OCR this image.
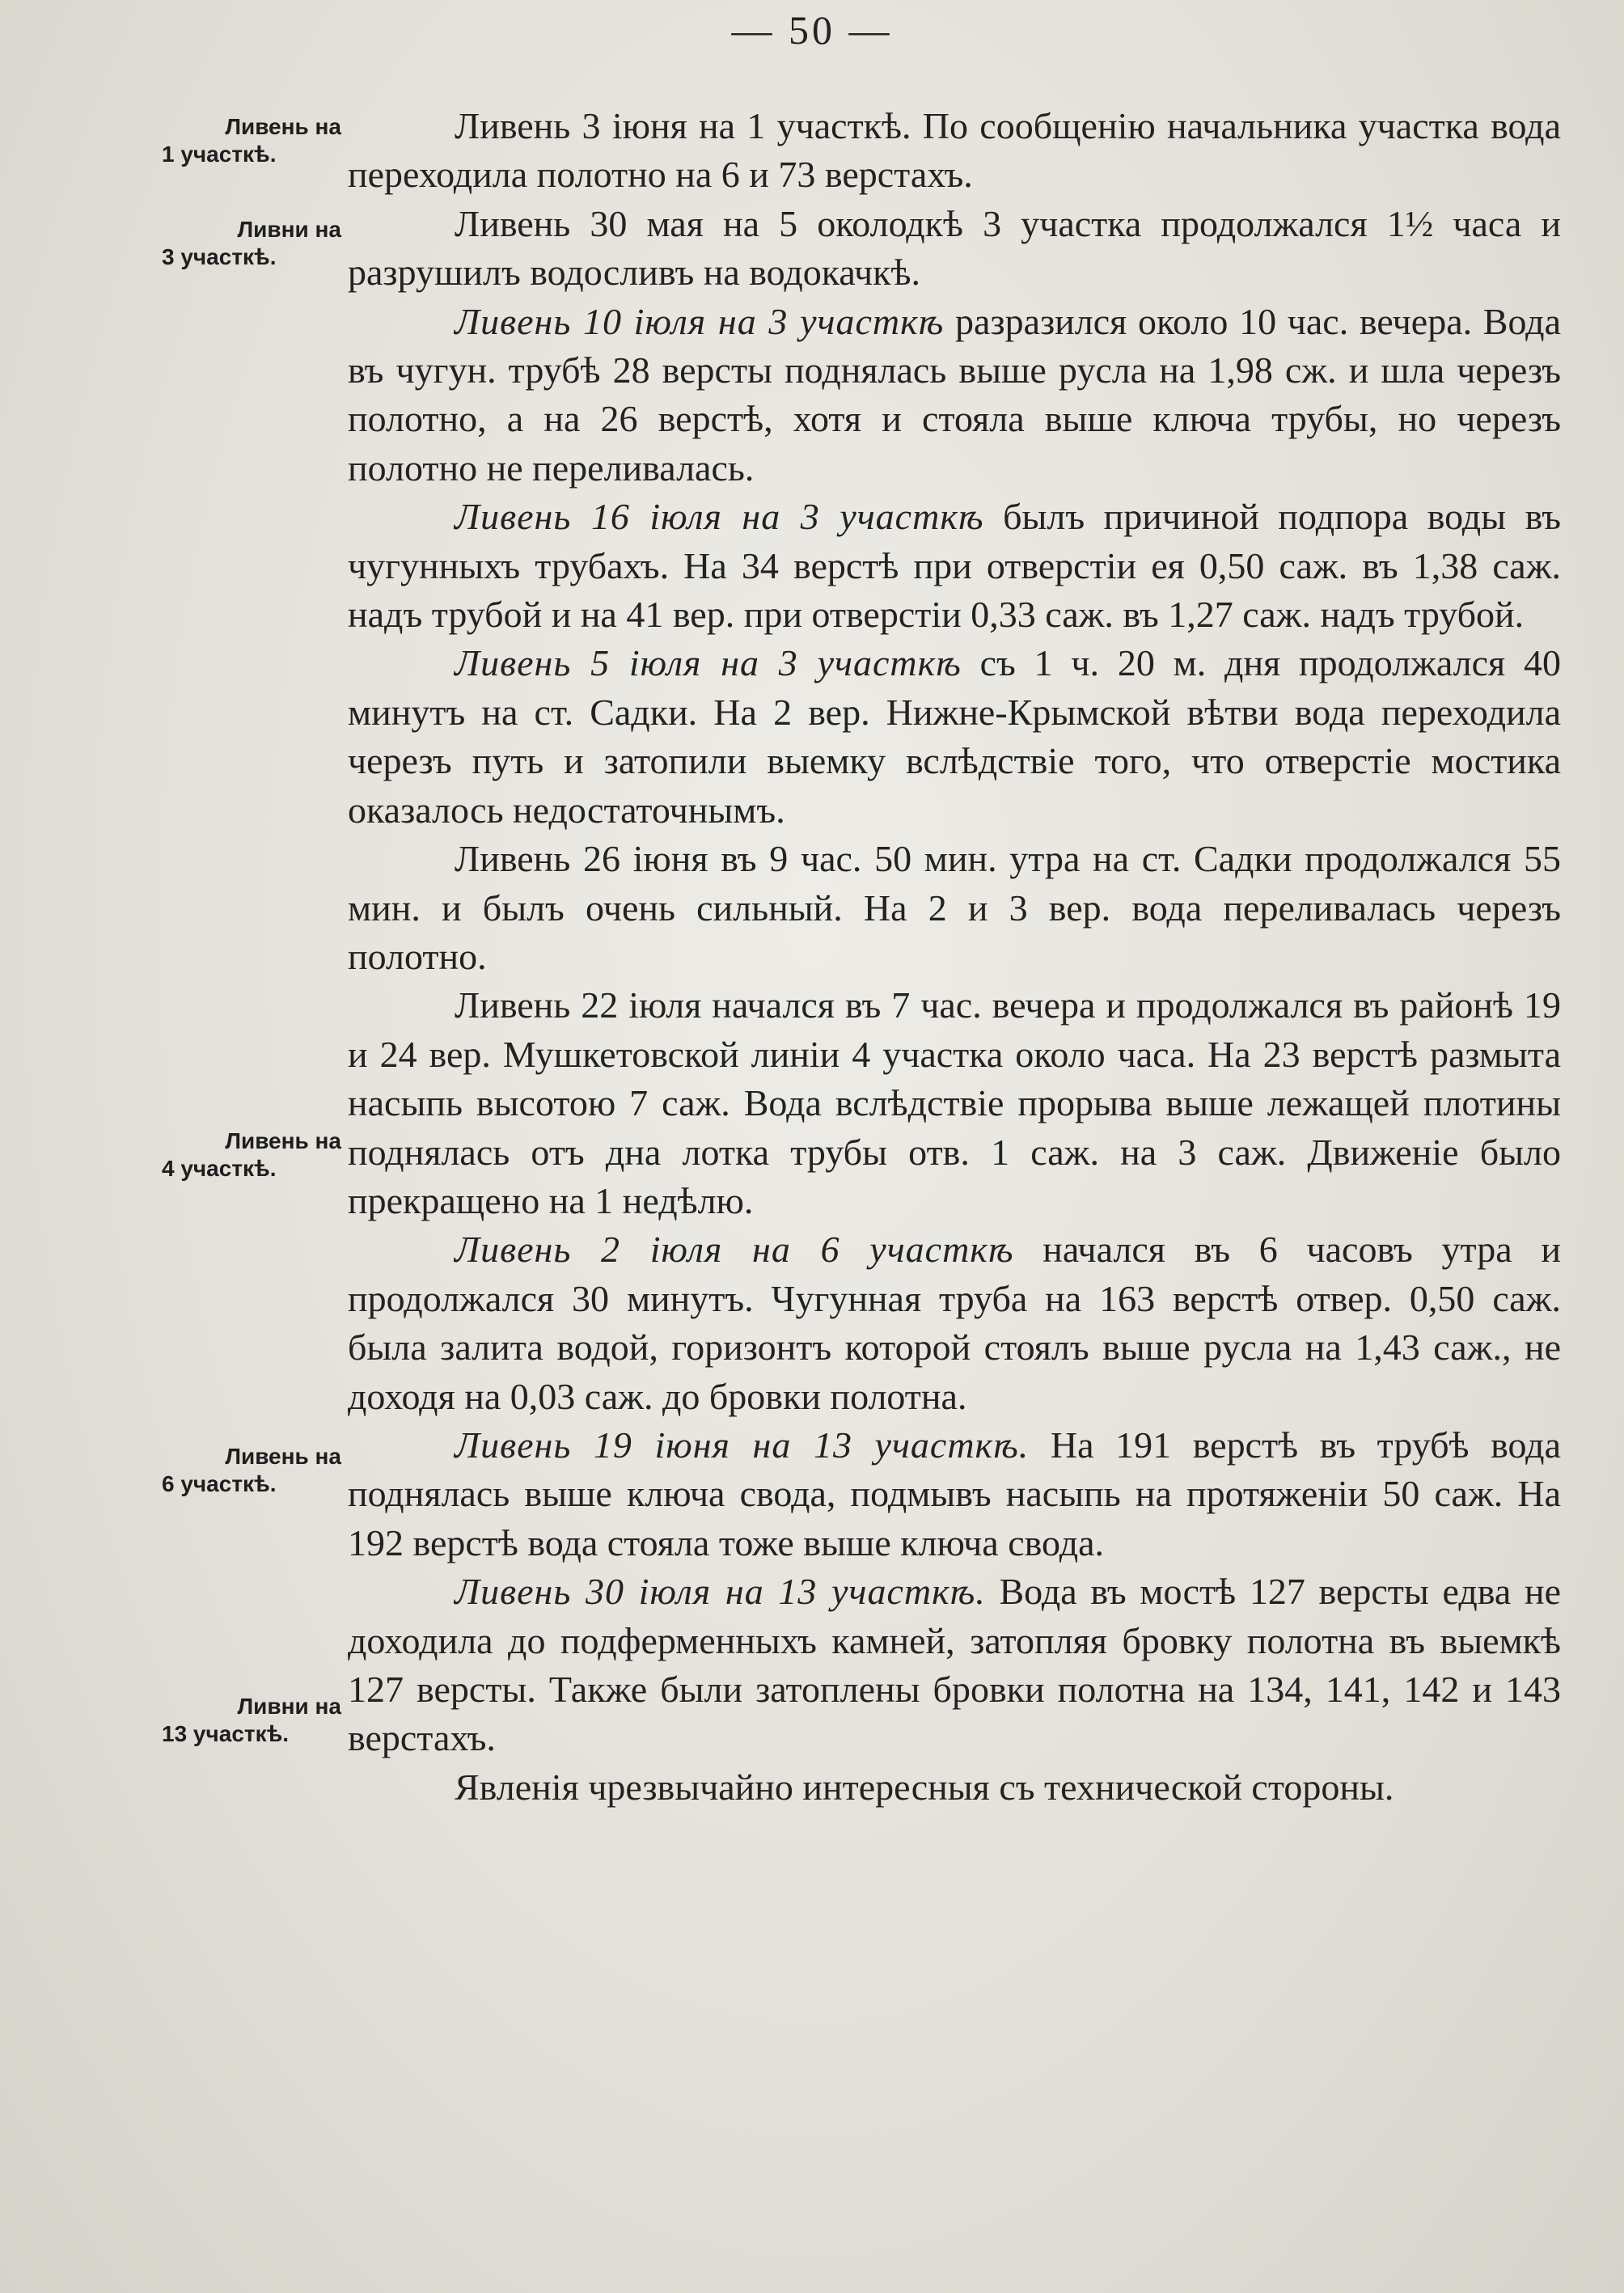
— 50 —
Ливень на
1 участкѣ.
Ливни на
3 участкѣ.
Ливень на
4 участкѣ.
Ливень на
6 участкѣ.
Ливни на
13 участкѣ.

Ливень 3 iюня на 1 участкѣ. По сообщенiю начальника участка вода переходила полотно на 6 и 73 верстахъ.

Ливень 30 мая на 5 околодкѣ 3 участка продолжался 1½ часа и разрушилъ водосливъ на водокачкѣ.

Ливень 10 iюля на 3 участкѣ разразился около 10 час. вечера. Вода въ чугун. трубѣ 28 версты поднялась выше русла на 1,98 сж. и шла черезъ полотно, а на 26 верстѣ, хотя и стояла выше ключа трубы, но черезъ полотно не переливалась.

Ливень 16 iюля на 3 участкѣ былъ причиной подпора воды въ чугунныхъ трубахъ. На 34 верстѣ при отверстiи ея 0,50 саж. въ 1,38 саж. надъ трубой и на 41 вер. при отверстiи 0,33 саж. въ 1,27 саж. надъ трубой.

Ливень 5 iюля на 3 участкѣ съ 1 ч. 20 м. дня продолжался 40 минутъ на ст. Садки. На 2 вер. Нижне-Крымской вѣтви вода переходила черезъ путь и затопили выемку вслѣдствiе того, что отверстiе мостика оказалось недостаточнымъ.

Ливень 26 iюня въ 9 час. 50 мин. утра на ст. Садки продолжался 55 мин. и былъ очень сильный. На 2 и 3 вер. вода переливалась черезъ полотно.

Ливень 22 iюля начался въ 7 час. вечера и продолжался въ районѣ 19 и 24 вер. Мушкетовской линiи 4 участка около часа. На 23 верстѣ размыта насыпь высотою 7 саж. Вода вслѣдствiе прорыва выше лежащей плотины поднялась отъ дна лотка трубы отв. 1 саж. на 3 саж. Движенiе было прекращено на 1 недѣлю.

Ливень 2 iюля на 6 участкѣ начался въ 6 часовъ утра и продолжался 30 минутъ. Чугунная труба на 163 верстѣ отвер. 0,50 саж. была залита водой, горизонтъ которой стоялъ выше русла на 1,43 саж., не доходя на 0,03 саж. до бровки полотна.

Ливень 19 iюня на 13 участкѣ. На 191 верстѣ въ трубѣ вода поднялась выше ключа свода, подмывъ насыпь на протяженiи 50 саж. На 192 верстѣ вода стояла тоже выше ключа свода.

Ливень 30 iюля на 13 участкѣ. Вода въ мостѣ 127 версты едва не доходила до подферменныхъ камней, затопляя бровку полотна въ выемкѣ 127 версты. Также были затоплены бровки полотна на 134, 141, 142 и 143 верстахъ.

Явленiя чрезвычайно интересныя съ технической стороны.
